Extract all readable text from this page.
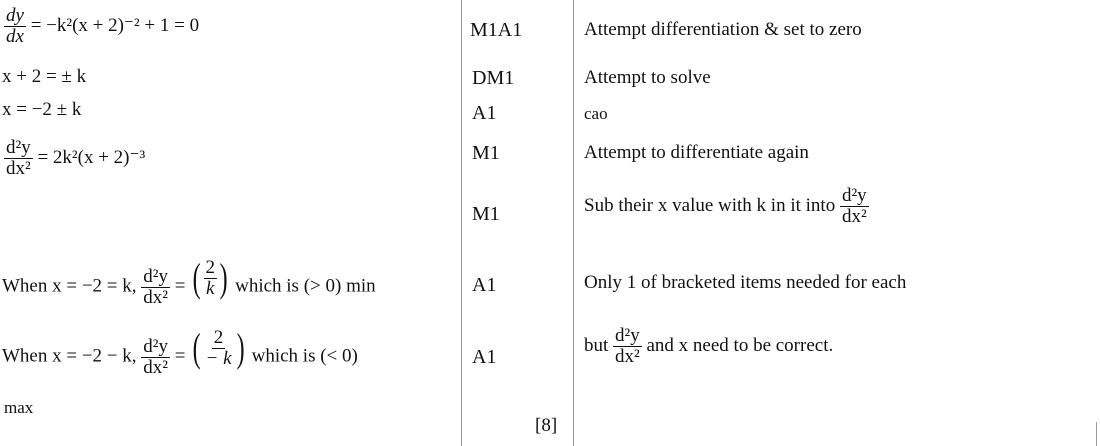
$\frac{dy}{dx} = -k^2(x + 2)^{-2} + 1 = 0$
x + 2 = ± k
x = −2 ± k
$\frac{\text{d²y}}{\text{dx²}} = 2k^2(x + 2)^{-3}$
When x = −2 = k, $\frac{\text{d²y}}{\text{dx²}}$ = ( $\frac{2}{k}$ ) which is (> 0) min
When x = −2 − k, $\frac{\text{d²y}}{\text{dx²}}$ = ( $\frac{2}{- k}$ ) which is (< 0)
max
M1A1
DM1
A1
M1
M1
A1
A1
[8]
Attempt differentiation & set to zero
Attempt to solve
cao
Attempt to differentiate again
Sub their x value with k in it into $\frac{\text{d²y}}{\text{dx²}}$
Only 1 of bracketed items needed for each
but $\frac{\text{d²y}}{\text{dx²}}$ and x need to be correct.
